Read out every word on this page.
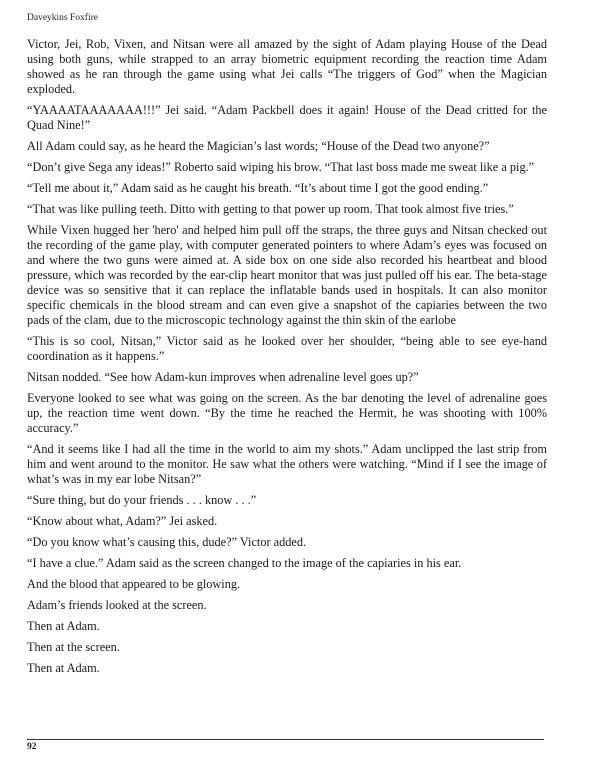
Daveykins Foxfire

Victor, Jei, Rob, Vixen, and Nitsan were all amazed by the sight of Adam playing House of the Dead using both guns, while strapped to an array biometric equipment recording the reaction time Adam showed as he ran through the game using what Jei calls “The triggers of God” when the Magician exploded.

“YAAAATAAAAAAA!!!” Jei said. “Adam Packbell does it again! House of the Dead critted for the Quad Nine!”

All Adam could say, as he heard the Magician’s last words; “House of the Dead two anyone?”

“Don’t give Sega any ideas!” Roberto said wiping his brow. “That last boss made me sweat like a pig.”

“Tell me about it,” Adam said as he caught his breath. “It’s about time I got the good ending.”

“That was like pulling teeth. Ditto with getting to that power up room. That took almost five tries.”

While Vixen hugged her 'hero' and helped him pull off the straps, the three guys and Nitsan checked out the recording of the game play, with computer generated pointers to where Adam’s eyes was focused on and where the two guns were aimed at. A side box on one side also recorded his heartbeat and blood pressure, which was recorded by the ear-clip heart monitor that was just pulled off his ear. The beta-stage device was so sensitive that it can replace the inflatable bands used in hospitals. It can also monitor specific chemicals in the blood stream and can even give a snapshot of the capiaries between the two pads of the clam, due to the microscopic technology against the thin skin of the earlobe

“This is so cool, Nitsan,” Victor said as he looked over her shoulder, “being able to see eye-hand coordination as it happens.”

Nitsan nodded. “See how Adam-kun improves when adrenaline level goes up?”

Everyone looked to see what was going on the screen. As the bar denoting the level of adrenaline goes up, the reaction time went down. “By the time he reached the Hermit, he was shooting with 100% accuracy.”

“And it seems like I had all the time in the world to aim my shots.” Adam unclipped the last strip from him and went around to the monitor. He saw what the others were watching. “Mind if I see the image of what’s was in my ear lobe Nitsan?”

“Sure thing, but do your friends . . . know . . .”

“Know about what, Adam?” Jei asked.

“Do you know what’s causing this, dude?” Victor added.

“I have a clue.” Adam said as the screen changed to the image of the capiaries in his ear.

And the blood that appeared to be glowing.

Adam’s friends looked at the screen.

Then at Adam.

Then at the screen.

Then at Adam.

92
